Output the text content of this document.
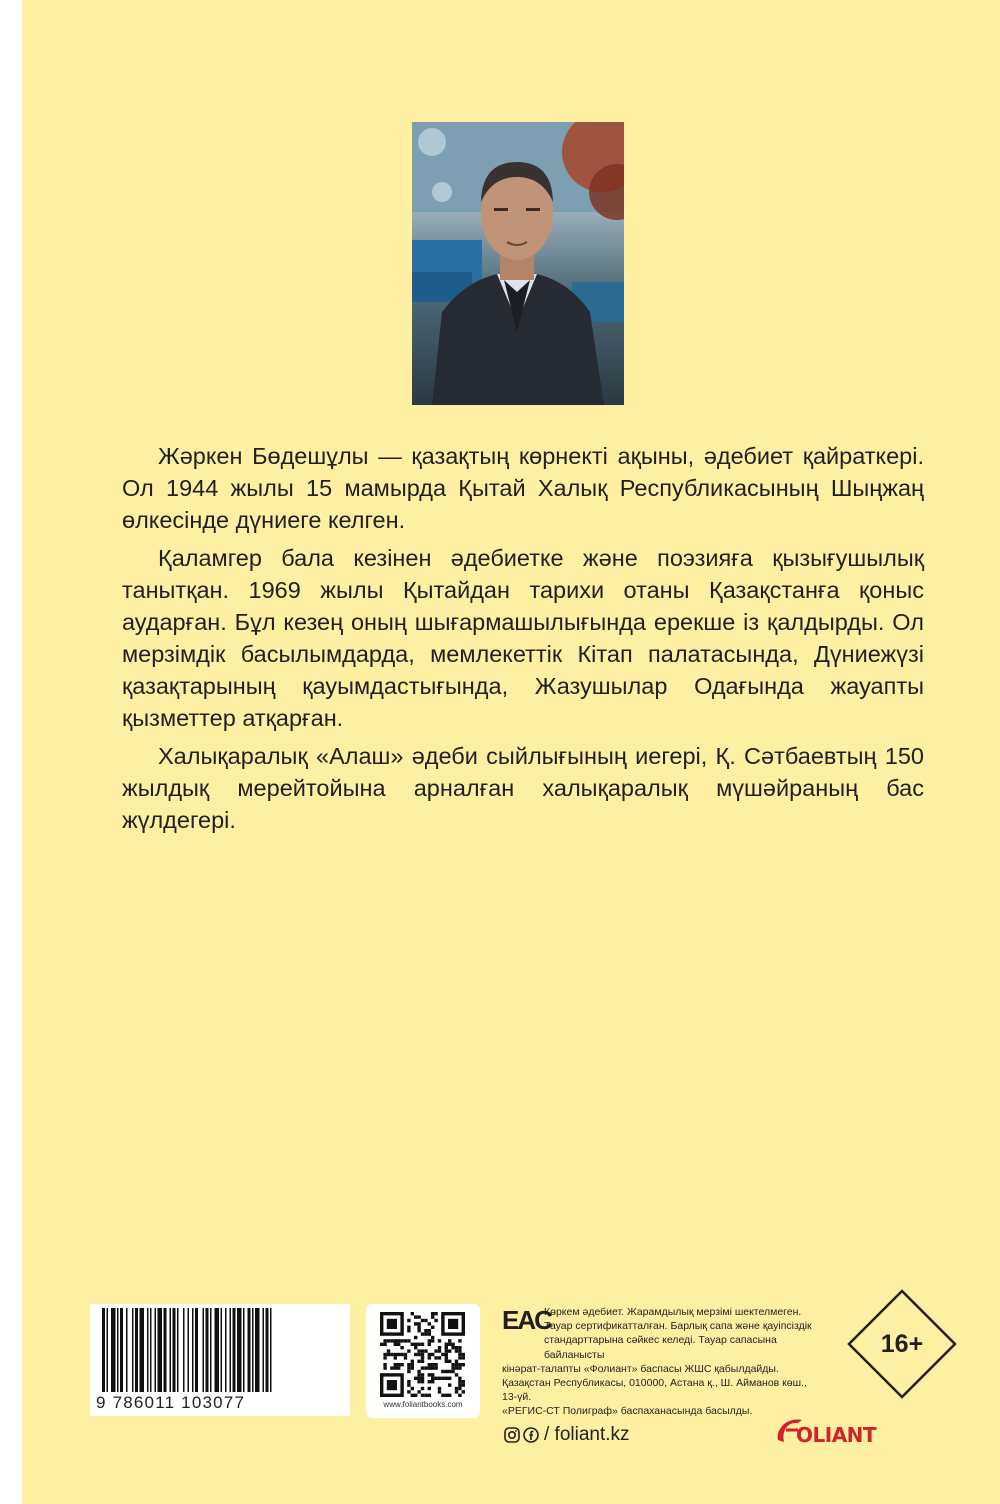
Жәркен Бөдешұлы — қазақтың көрнекті ақыны, әдебиет қайраткері. Ол 1944 жылы 15 мамырда Қытай Халық Республикасының Шыңжаң өлкесінде дүниеге келген.

Қаламгер бала кезінен әдебиетке және поэзияға қызығушылық танытқан. 1969 жылы Қытайдан тарихи отаны Қазақстанға қоныс аударған. Бұл кезең оның шығармашылығында ерекше із қалдырды. Ол мерзімдік басылымдарда, мемлекеттік Кітап палатасында, Дүниежүзі қазақтарының қауымдастығында, Жазушылар Одағында жауапты қызметтер атқарған.

Халықаралық «Алаш» әдеби сыйлығының иегері, Қ. Сәтбаевтың 150 жылдық мерейтойына арналған халықаралық мүшәйраның бас жүлдегері.

9 786011 103077	www.foliantbooks.com
EAC
Көркем әдебиет. Жарамдылық мерзімі шектелмеген.
Тауар сертификатталған. Барлық сапа және қауіпсіздік
стандарттарына сәйкес келеді. Тауар сапасына байланысты
кінәрат-талапты «Фолиант» баспасы ЖШС қабылдайды.
Қазақстан Республикасы, 010000, Астана қ., Ш. Айманов көш., 13-үй.
«РЕГИС-СТ Полиграф» баспаханасында басылды.
16+
/ foliant.kz	OLIANT
